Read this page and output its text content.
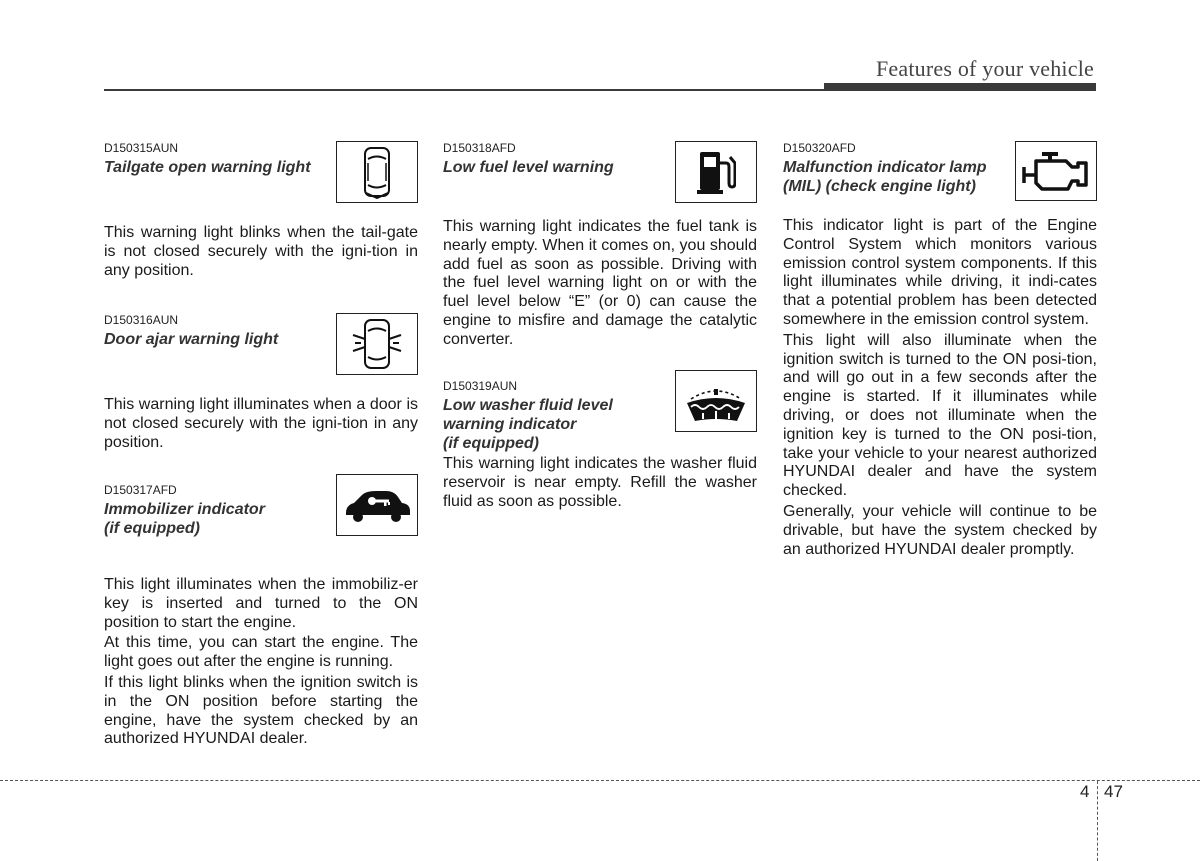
Features of your vehicle
D150315AUN
Tailgate open warning light
This warning light blinks when the tail-gate is not closed securely with the igni-tion in any position.
D150316AUN
Door ajar warning light
This warning light illuminates when a door is not closed securely with the igni-tion in any position.
D150317AFD
Immobilizer indicator
(if equipped)
This light illuminates when the immobiliz-er key is inserted and turned to the ON position to start the engine.
At this time, you can start the engine. The light goes out after the engine is running.
If this light blinks when the ignition switch is in the ON position before starting the engine, have the system checked by an authorized HYUNDAI dealer.
D150318AFD
Low fuel level warning
This warning light indicates the fuel tank is nearly empty. When it comes on, you should add fuel as soon as possible. Driving with the fuel level warning light on or with the fuel level below “E” (or 0) can cause the engine to misfire and damage the catalytic converter.
D150319AUN
Low washer fluid level
warning indicator
(if equipped)
This warning light indicates the washer fluid reservoir is near empty. Refill the washer fluid as soon as possible.
D150320AFD
Malfunction indicator lamp
(MIL) (check engine light)
This indicator light is part of the Engine Control System which monitors various emission control system components. If this light illuminates while driving, it indi-cates that a potential problem has been detected somewhere in the emission control system.
This light will also illuminate when the ignition switch is turned to the ON posi-tion, and will go out in a few seconds after the engine is started. If it illuminates while driving, or does not illuminate when the ignition key is turned to the ON posi-tion, take your vehicle to your nearest authorized HYUNDAI dealer and have the system checked.
Generally, your vehicle will continue to be drivable, but have the system checked by an authorized HYUNDAI dealer promptly.
4 47
